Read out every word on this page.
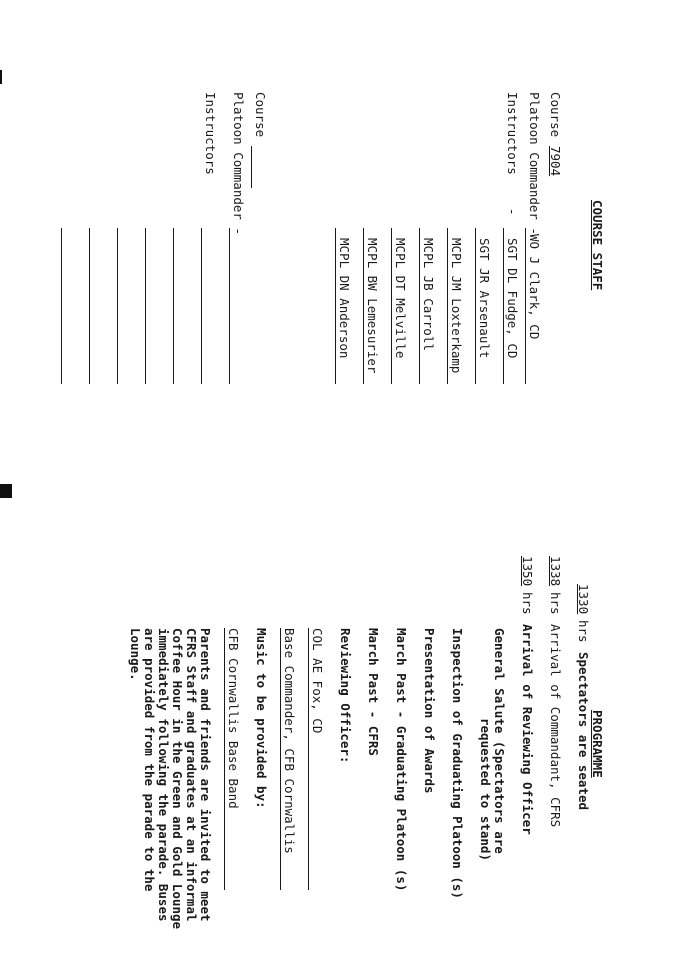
COURSE STAFF
Course
7904
Platoon Commander -
WO J Clark, CD
Instructors
-
SGT DL Fudge, CD
SGT JR Arsenault
MCPL JM Loxterkamp
MCPL JB Carroll
MCPL DT Melville
MCPL BW Lemesurier
MCPL DN Anderson
Course
Platoon Commander -
Instructors
PROGRAMME
1330
hrs
Spectators are seated
1338
hrs
Arrival of Commandant, CFRS
1350
hrs
Arrival of Reviewing Officer
General Salute (Spectators are
requested to stand)
Inspection of Graduating Platoon (s)
Presentation of Awards
March Past - Graduating Platoon (s)
March Past - CFRS
Reviewing Officer:
COL AE Fox, CD
Base Commander, CFB Cornwallis
Music to be provided by:
CFB Cornwallis Base Band
Parents and friends are invited to meet
CFRS Staff and graduates at an informal
Coffee Hour in the Green and Gold Lounge
immediately following the parade. Buses
are provided from the parade to the
Lounge.
